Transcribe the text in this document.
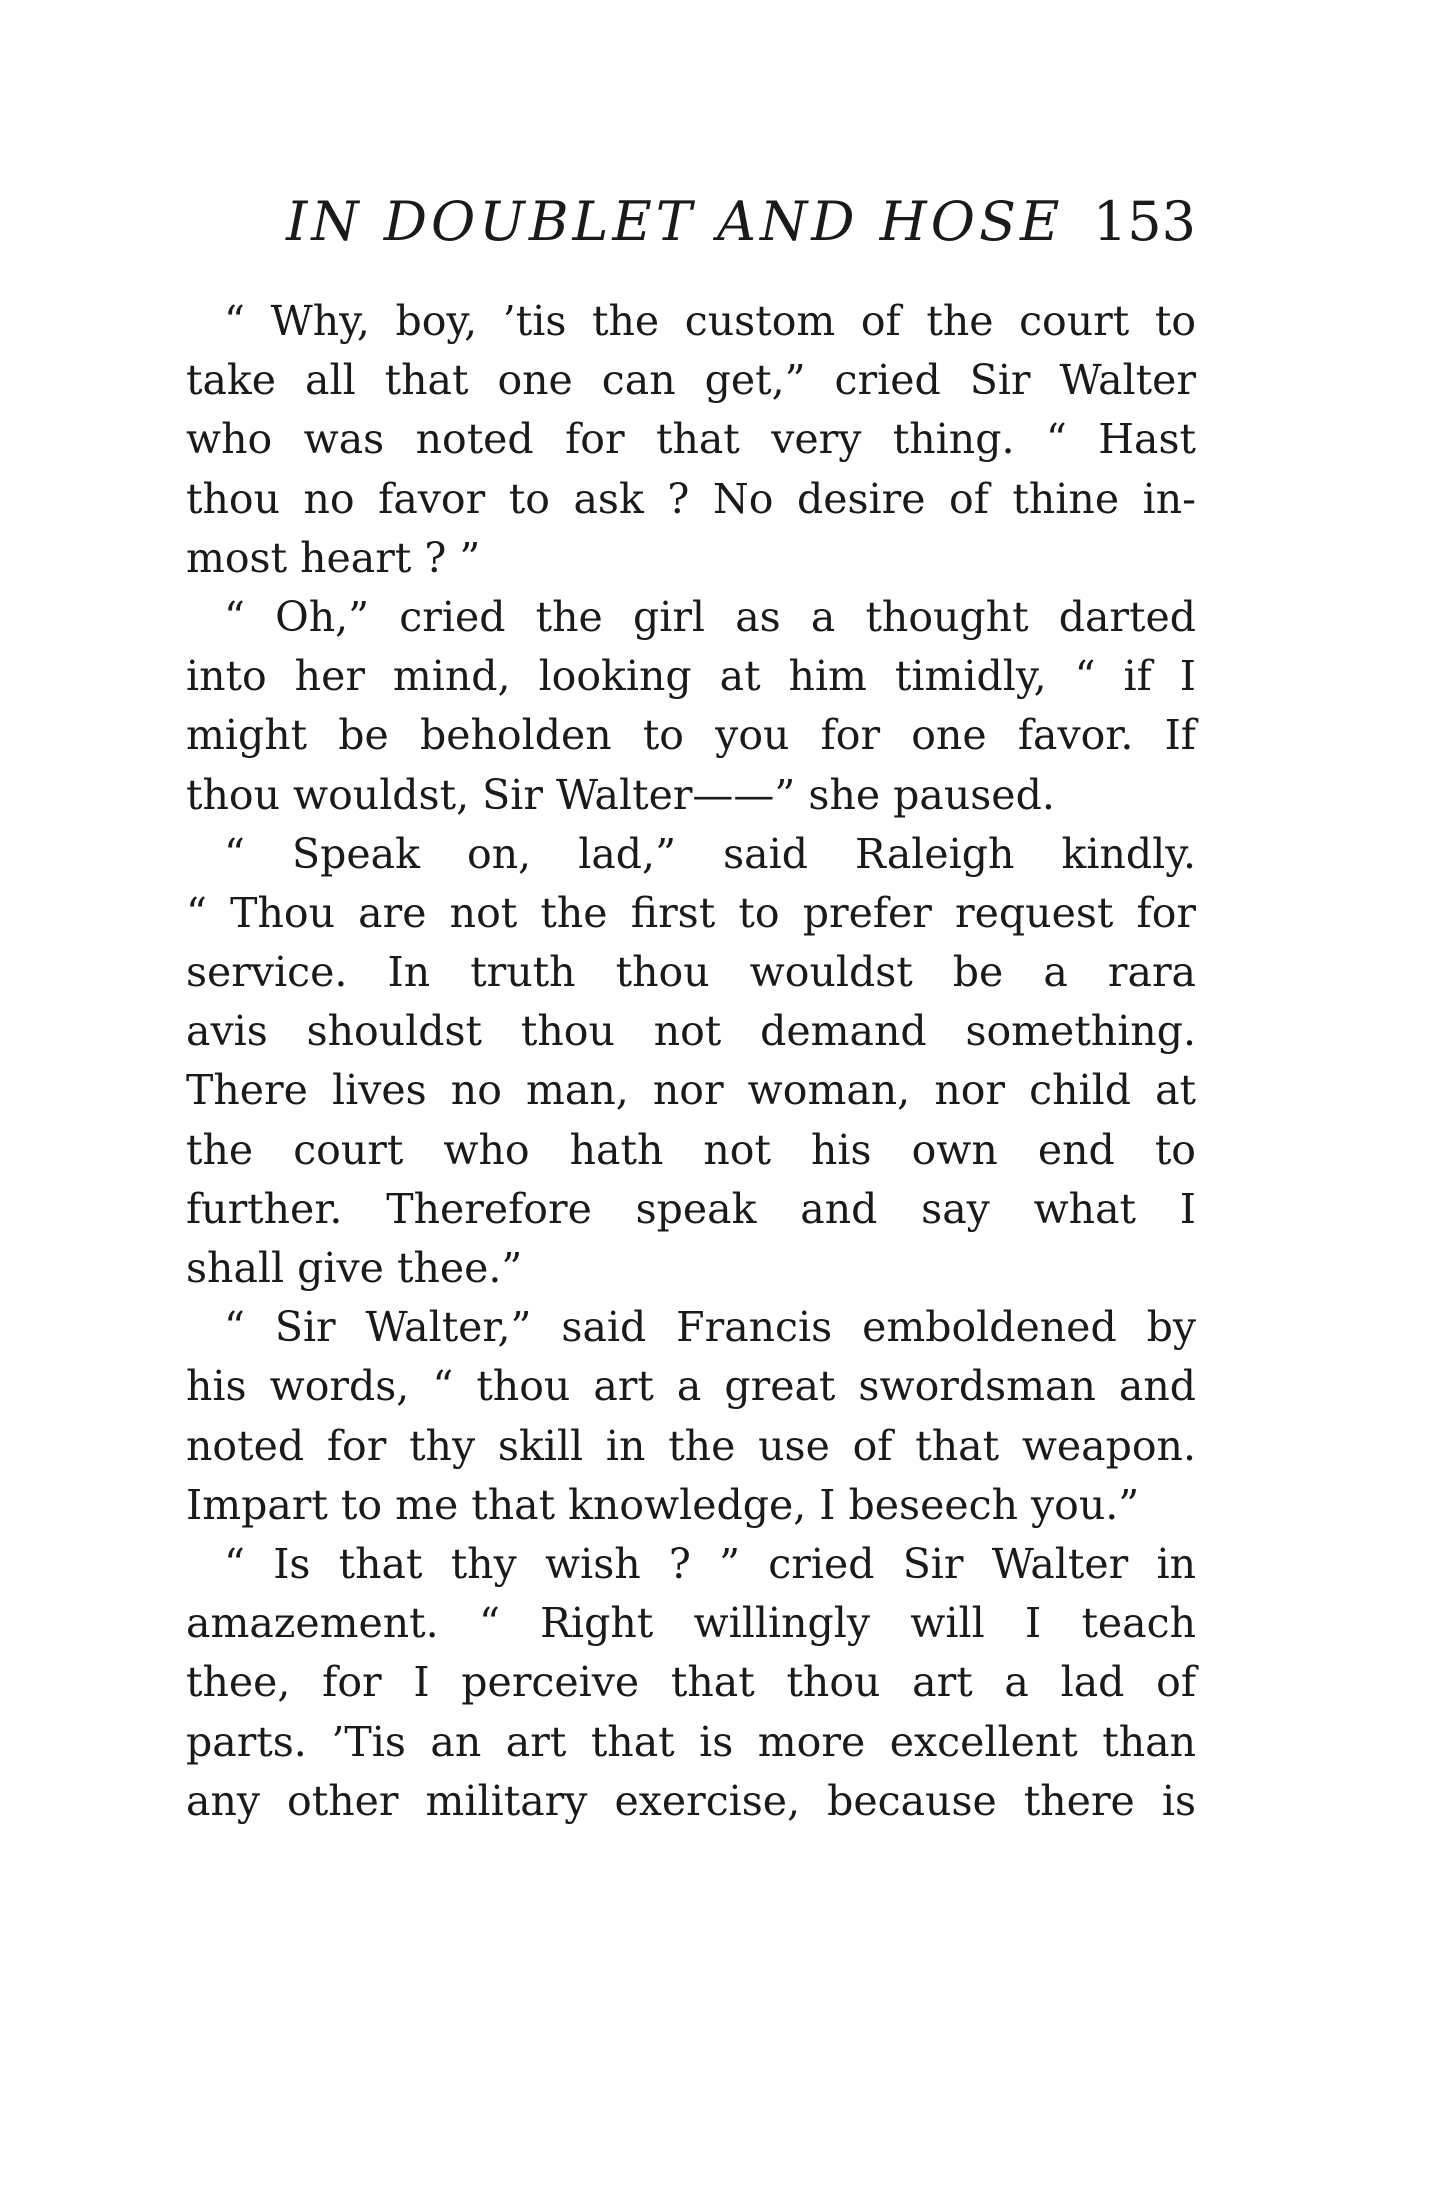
IN DOUBLET AND HOSE 153
“ Why, boy, ’tis the custom of the court to
take all that one can get,” cried Sir Walter
who was noted for that very thing. “ Hast
thou no favor to ask ? No desire of thine in-
most heart ? ”
“ Oh,” cried the girl as a thought darted
into her mind, looking at him timidly, “ if I
might be beholden to you for one favor. If
thou wouldst, Sir Walter——” she paused.
“ Speak on, lad,” said Raleigh kindly.
“ Thou are not the first to prefer request for
service. In truth thou wouldst be a rara
avis shouldst thou not demand something.
There lives no man, nor woman, nor child at
the court who hath not his own end to
further. Therefore speak and say what I
shall give thee.”
“ Sir Walter,” said Francis emboldened by
his words, “ thou art a great swordsman and
noted for thy skill in the use of that weapon.
Impart to me that knowledge, I beseech you.”
“ Is that thy wish ? ” cried Sir Walter in
amazement. “ Right willingly will I teach
thee, for I perceive that thou art a lad of
parts. ’Tis an art that is more excellent than
any other military exercise, because there is
